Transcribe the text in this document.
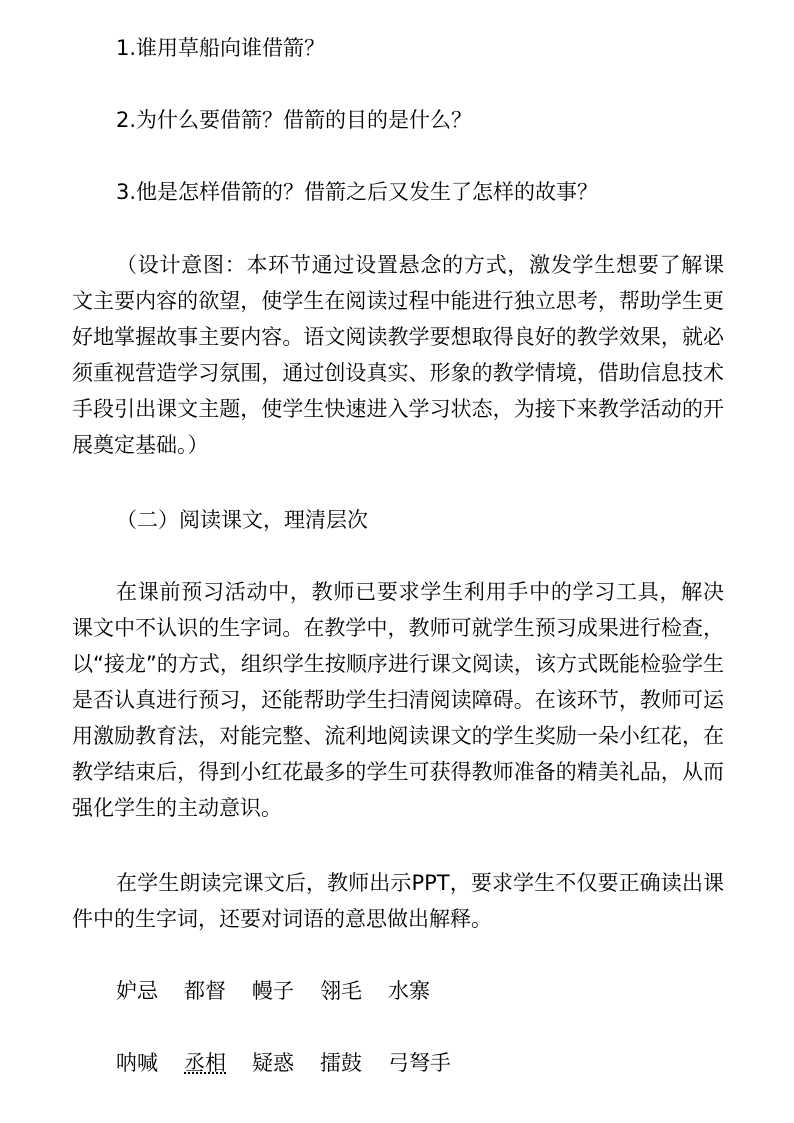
1.谁用草船向谁借箭？

2.为什么要借箭？借箭的目的是什么？

3.他是怎样借箭的？借箭之后又发生了怎样的故事？

（设计意图：本环节通过设置悬念的方式，激发学生想要了解课文主要内容的欲望，使学生在阅读过程中能进行独立思考，帮助学生更好地掌握故事主要内容。语文阅读教学要想取得良好的教学效果，就必须重视营造学习氛围，通过创设真实、形象的教学情境，借助信息技术手段引出课文主题，使学生快速进入学习状态，为接下来教学活动的开展奠定基础。）

（二）阅读课文，理清层次

在课前预习活动中，教师已要求学生利用手中的学习工具，解决课文中不认识的生字词。在教学中，教师可就学生预习成果进行检查，以“接龙”的方式，组织学生按顺序进行课文阅读，该方式既能检验学生是否认真进行预习，还能帮助学生扫清阅读障碍。在该环节，教师可运用激励教育法，对能完整、流利地阅读课文的学生奖励一朵小红花，在教学结束后，得到小红花最多的学生可获得教师准备的精美礼品，从而强化学生的主动意识。

在学生朗读完课文后，教师出示PPT，要求学生不仅要正确读出课件中的生字词，还要对词语的意思做出解释。

妒忌 都督 幔子 翎毛 水寨
呐喊 丞相 疑惑 擂鼓 弓弩手
